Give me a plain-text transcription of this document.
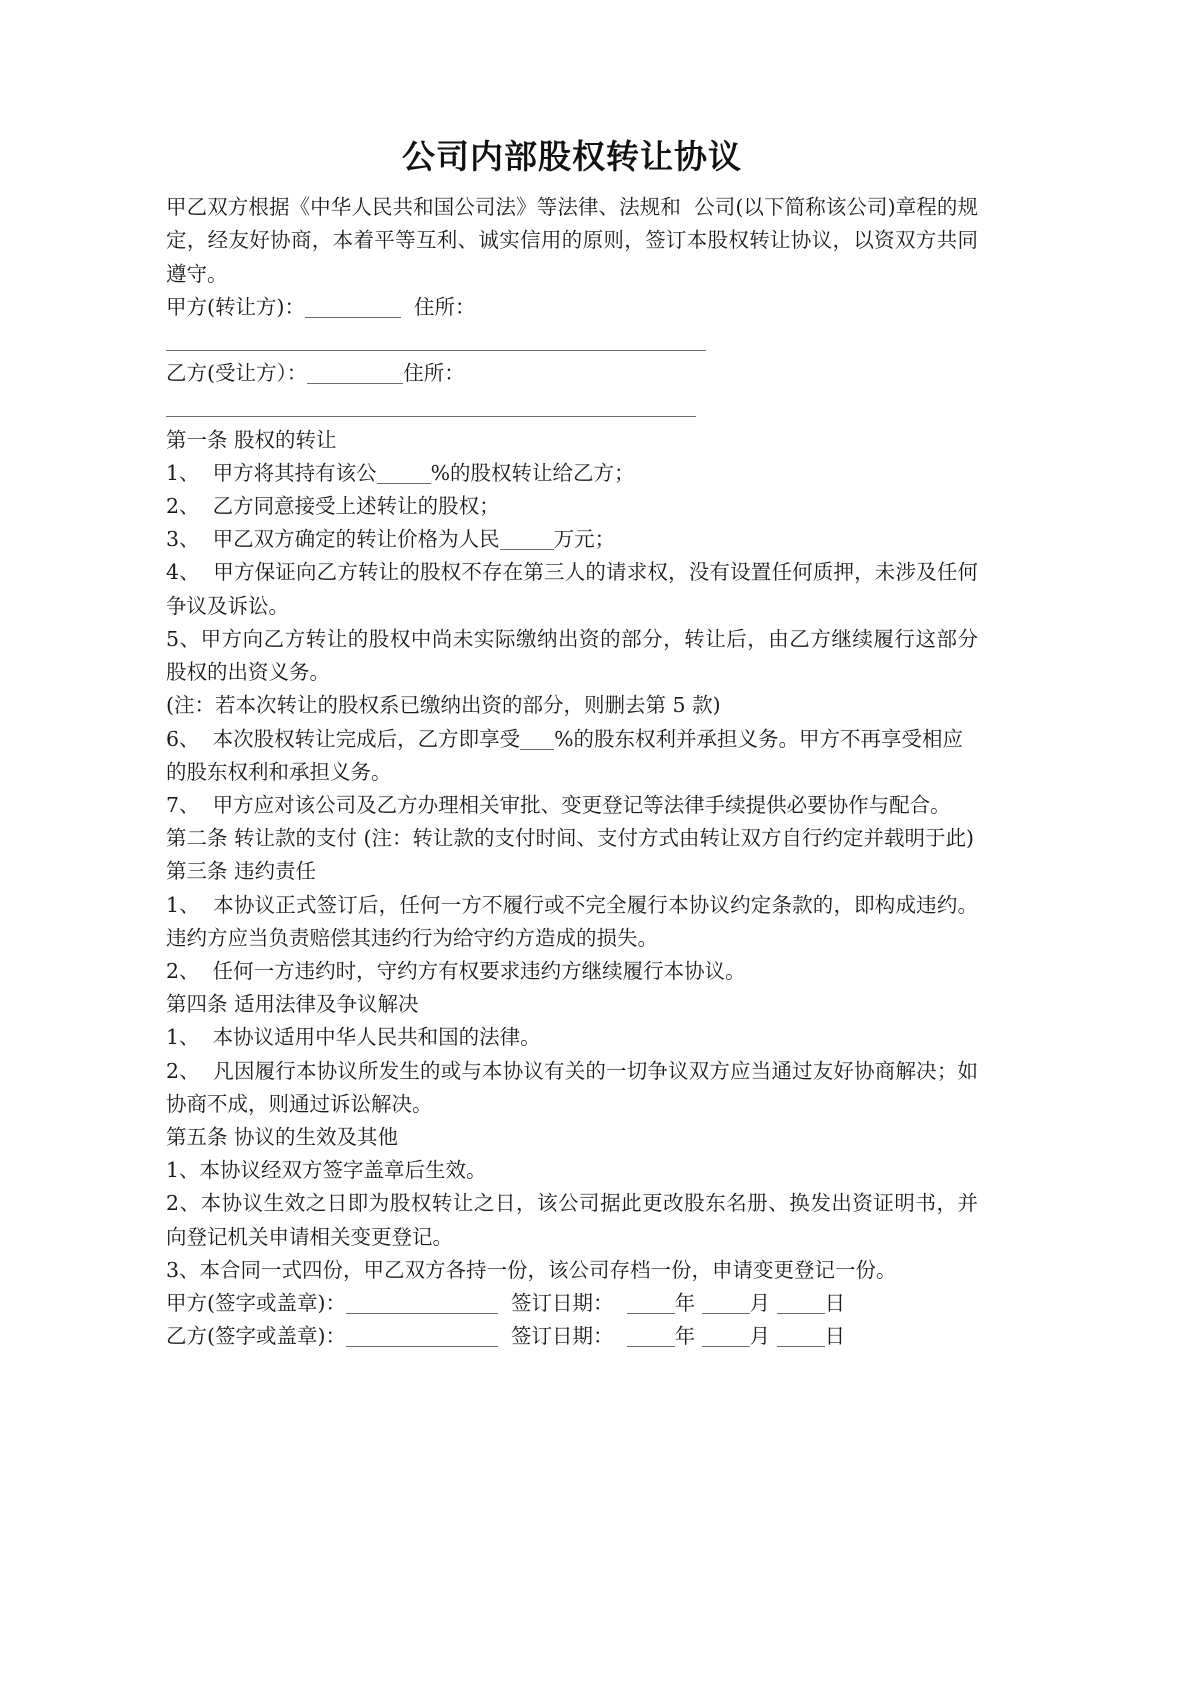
公司内部股权转让协议
甲乙双方根据《中华人民共和国公司法》等法律、法规和  公司(以下简称该公司)章程的规定，经友好协商，本着平等互利、诚实信用的原则，签订本股权转让协议，以资双方共同遵守。
甲方(转让方)：	住所：
乙方(受让方）：	住所：
第一条 股权的转让
1、  甲方将其持有该公	%的股权转让给乙方；
2、  乙方同意接受上述转让的股权；
3、  甲乙双方确定的转让价格为人民	万元；
4、  甲方保证向乙方转让的股权不存在第三人的请求权，没有设置任何质押，未涉及任何争议及诉讼。
5、甲方向乙方转让的股权中尚未实际缴纳出资的部分，转让后，由乙方继续履行这部分股权的出资义务。
(注：若本次转让的股权系已缴纳出资的部分，则删去第 5 款)
6、  本次股权转让完成后，乙方即享受 %的股东权利并承担义务。甲方不再享受相应的股东权利和承担义务。
7、  甲方应对该公司及乙方办理相关审批、变更登记等法律手续提供必要协作与配合。
第二条 转让款的支付 (注：转让款的支付时间、支付方式由转让双方自行约定并载明于此)
第三条 违约责任
1、  本协议正式签订后，任何一方不履行或不完全履行本协议约定条款的，即构成违约。违约方应当负责赔偿其违约行为给守约方造成的损失。
2、  任何一方违约时，守约方有权要求违约方继续履行本协议。
第四条 适用法律及争议解决
1、  本协议适用中华人民共和国的法律。
2、  凡因履行本协议所发生的或与本协议有关的一切争议双方应当通过友好协商解决；如协商不成，则通过诉讼解决。
第五条 协议的生效及其他
1、本协议经双方签字盖章后生效。
2、本协议生效之日即为股权转让之日，该公司据此更改股东名册、换发出资证明书，并向登记机关申请相关变更登记。
3、本合同一式四份，甲乙双方各持一份，该公司存档一份，申请变更登记一份。
甲方(签字或盖章)：	签订日期：	年	月	日
乙方(签字或盖章)：	签订日期：	年	月	日
